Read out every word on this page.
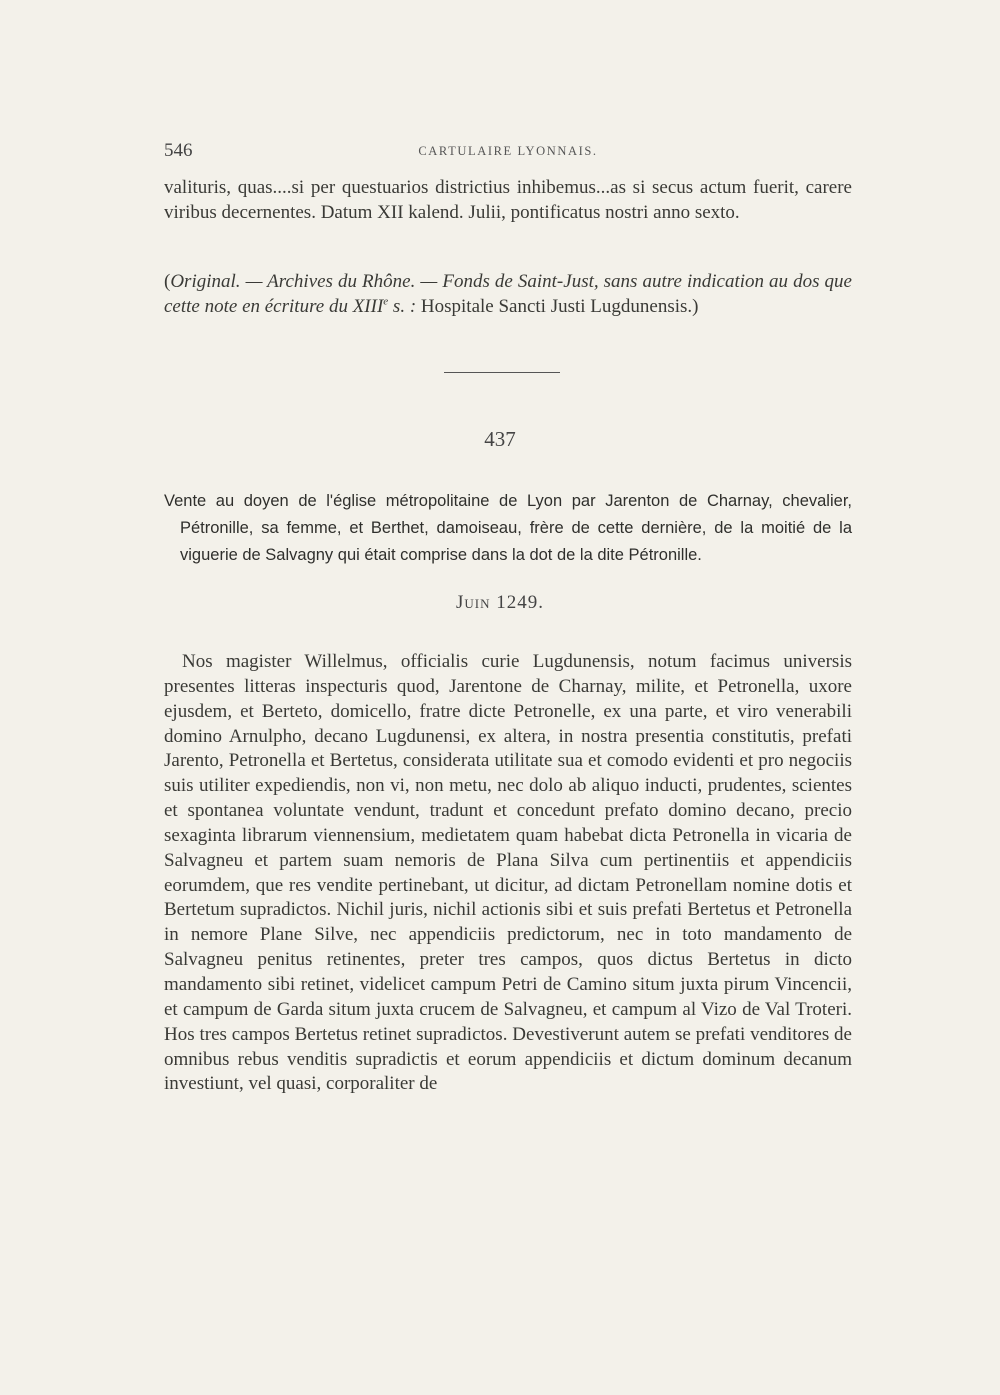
546	CARTULAIRE LYONNAIS.

valituris, quas....si per questuarios districtius inhibemus...as si secus actum fuerit, carere viribus decernentes. Datum XII kalend. Julii, pontificatus nostri anno sexto.

(Original. — Archives du Rhône. — Fonds de Saint-Just, sans autre indication au dos que cette note en écriture du XIIIe s. : Hospitale Sancti Justi Lugdunensis.)

437

Vente au doyen de l'église métropolitaine de Lyon par Jarenton de Charnay, chevalier, Pétronille, sa femme, et Berthet, damoiseau, frère de cette dernière, de la moitié de la viguerie de Salvagny qui était comprise dans la dot de la dite Pétronille.

Juin 1249.

Nos magister Willelmus, officialis curie Lugdunensis, notum facimus universis presentes litteras inspecturis quod, Jarentone de Charnay, milite, et Petronella, uxore ejusdem, et Berteto, domicello, fratre dicte Petronelle, ex una parte, et viro venerabili domino Arnulpho, decano Lugdunensi, ex altera, in nostra presentia constitutis, prefati Jarento, Petronella et Bertetus, considerata utilitate sua et comodo evidenti et pro negociis suis utiliter expediendis, non vi, non metu, nec dolo ab aliquo inducti, prudentes, scientes et spontanea voluntate vendunt, tradunt et concedunt prefato domino decano, precio sexaginta librarum viennensium, medietatem quam habebat dicta Petronella in vicaria de Salvagneu et partem suam nemoris de Plana Silva cum pertinentiis et appendiciis eorumdem, que res vendite pertinebant, ut dicitur, ad dictam Petronellam nomine dotis et Bertetum supradictos. Nichil juris, nichil actionis sibi et suis prefati Bertetus et Petronella in nemore Plane Silve, nec appendiciis predictorum, nec in toto mandamento de Salvagneu penitus retinentes, preter tres campos, quos dictus Bertetus in dicto mandamento sibi retinet, videlicet campum Petri de Camino situm juxta pirum Vincencii, et campum de Garda situm juxta crucem de Salvagneu, et campum al Vizo de Val Troteri. Hos tres campos Bertetus retinet supradictos. Devestiverunt autem se prefati venditores de omnibus rebus venditis supradictis et eorum appendiciis et dictum dominum decanum investiunt, vel quasi, corporaliter de
